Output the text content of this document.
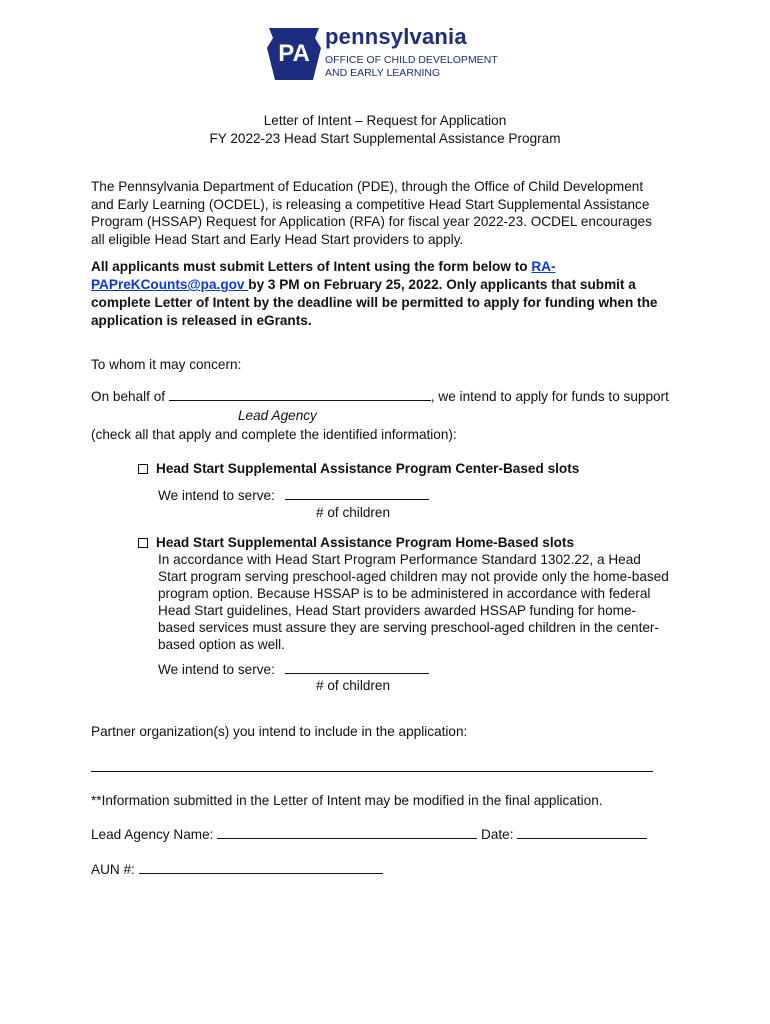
PA
pennsylvania
OFFICE OF CHILD DEVELOPMENT
AND EARLY LEARNING
Letter of Intent – Request for Application
FY 2022-23 Head Start Supplemental Assistance Program
The Pennsylvania Department of Education (PDE), through the Office of Child Development
and Early Learning (OCDEL), is releasing a competitive Head Start Supplemental Assistance
Program (HSSAP) Request for Application (RFA) for fiscal year 2022-23. OCDEL encourages
all eligible Head Start and Early Head Start providers to apply.
All applicants must submit Letters of Intent using the form below to RA-
PAPreKCounts@pa.gov by 3 PM on February 25, 2022. Only applicants that submit a
complete Letter of Intent by the deadline will be permitted to apply for funding when the
application is released in eGrants.
To whom it may concern:
On behalf of	, we intend to apply for funds to support
Lead Agency
(check all that apply and complete the identified information):
Head Start Supplemental Assistance Program Center-Based slots
We intend to serve:
# of children
Head Start Supplemental Assistance Program Home-Based slots
In accordance with Head Start Program Performance Standard 1302.22, a Head
Start program serving preschool-aged children may not provide only the home-based
program option. Because HSSAP is to be administered in accordance with federal
Head Start guidelines, Head Start providers awarded HSSAP funding for home-
based services must assure they are serving preschool-aged children in the center-
based option as well.
We intend to serve:
# of children
Partner organization(s) you intend to include in the application:
**Information submitted in the Letter of Intent may be modified in the final application.
Lead Agency Name:	Date:
AUN #:
